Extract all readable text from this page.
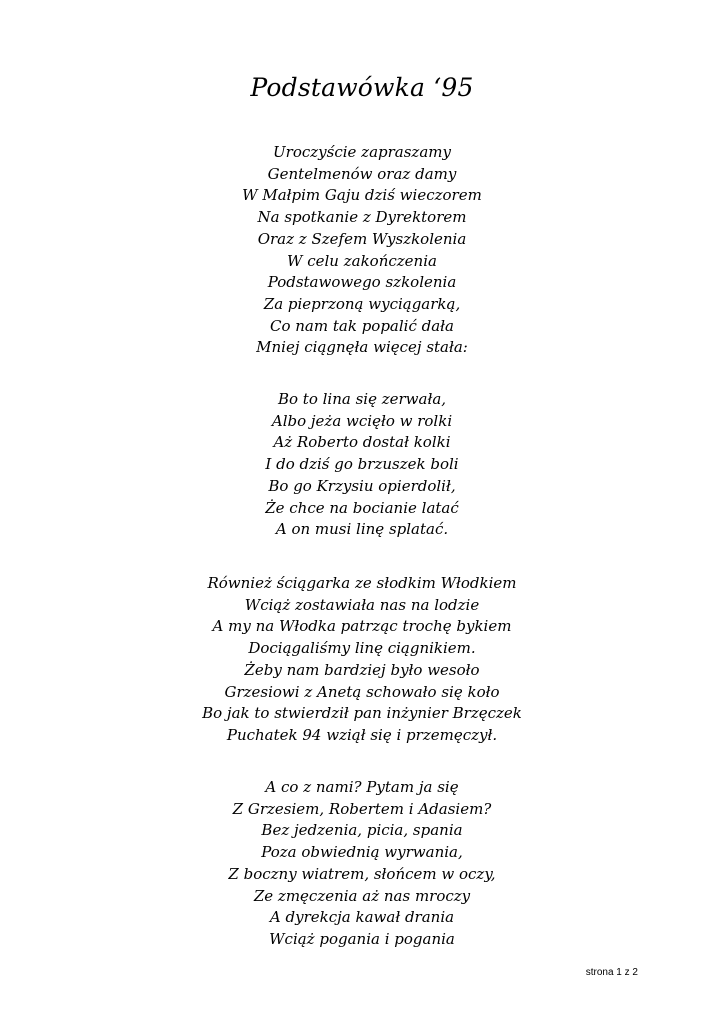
Podstawówka ‘95
Uroczyście zapraszamy
Gentelmenów oraz damy
W Małpim Gaju dziś wieczorem
Na spotkanie z Dyrektorem
Oraz z Szefem Wyszkolenia
W celu zakończenia
Podstawowego szkolenia
Za pieprzoną wyciągarką,
Co nam tak popalić dała
Mniej ciągnęła więcej stała:
Bo to lina się zerwała,
Albo jeża wcięło w rolki
Aż Roberto dostał kolki
I do dziś go brzuszek boli
Bo go Krzysiu opierdolił,
Że chce na bocianie latać
A on musi linę splatać.
Również ściągarka ze słodkim Włodkiem
Wciąż zostawiała nas na lodzie
A my na Włodka patrząc trochę bykiem
Dociągaliśmy linę ciągnikiem.
Żeby nam bardziej było wesoło
Grzesiowi z Anetą schowało się koło
Bo jak to stwierdził pan inżynier Brzęczek
Puchatek 94 wziął się i przemęczył.
A co z nami? Pytam ja się
Z Grzesiem, Robertem i Adasiem?
Bez jedzenia, picia, spania
Poza obwiednią wyrwania,
Z boczny wiatrem, słońcem w oczy,
Ze zmęczenia aż nas mroczy
A dyrekcja kawał drania
Wciąż pogania i pogania
strona 1 z 2
